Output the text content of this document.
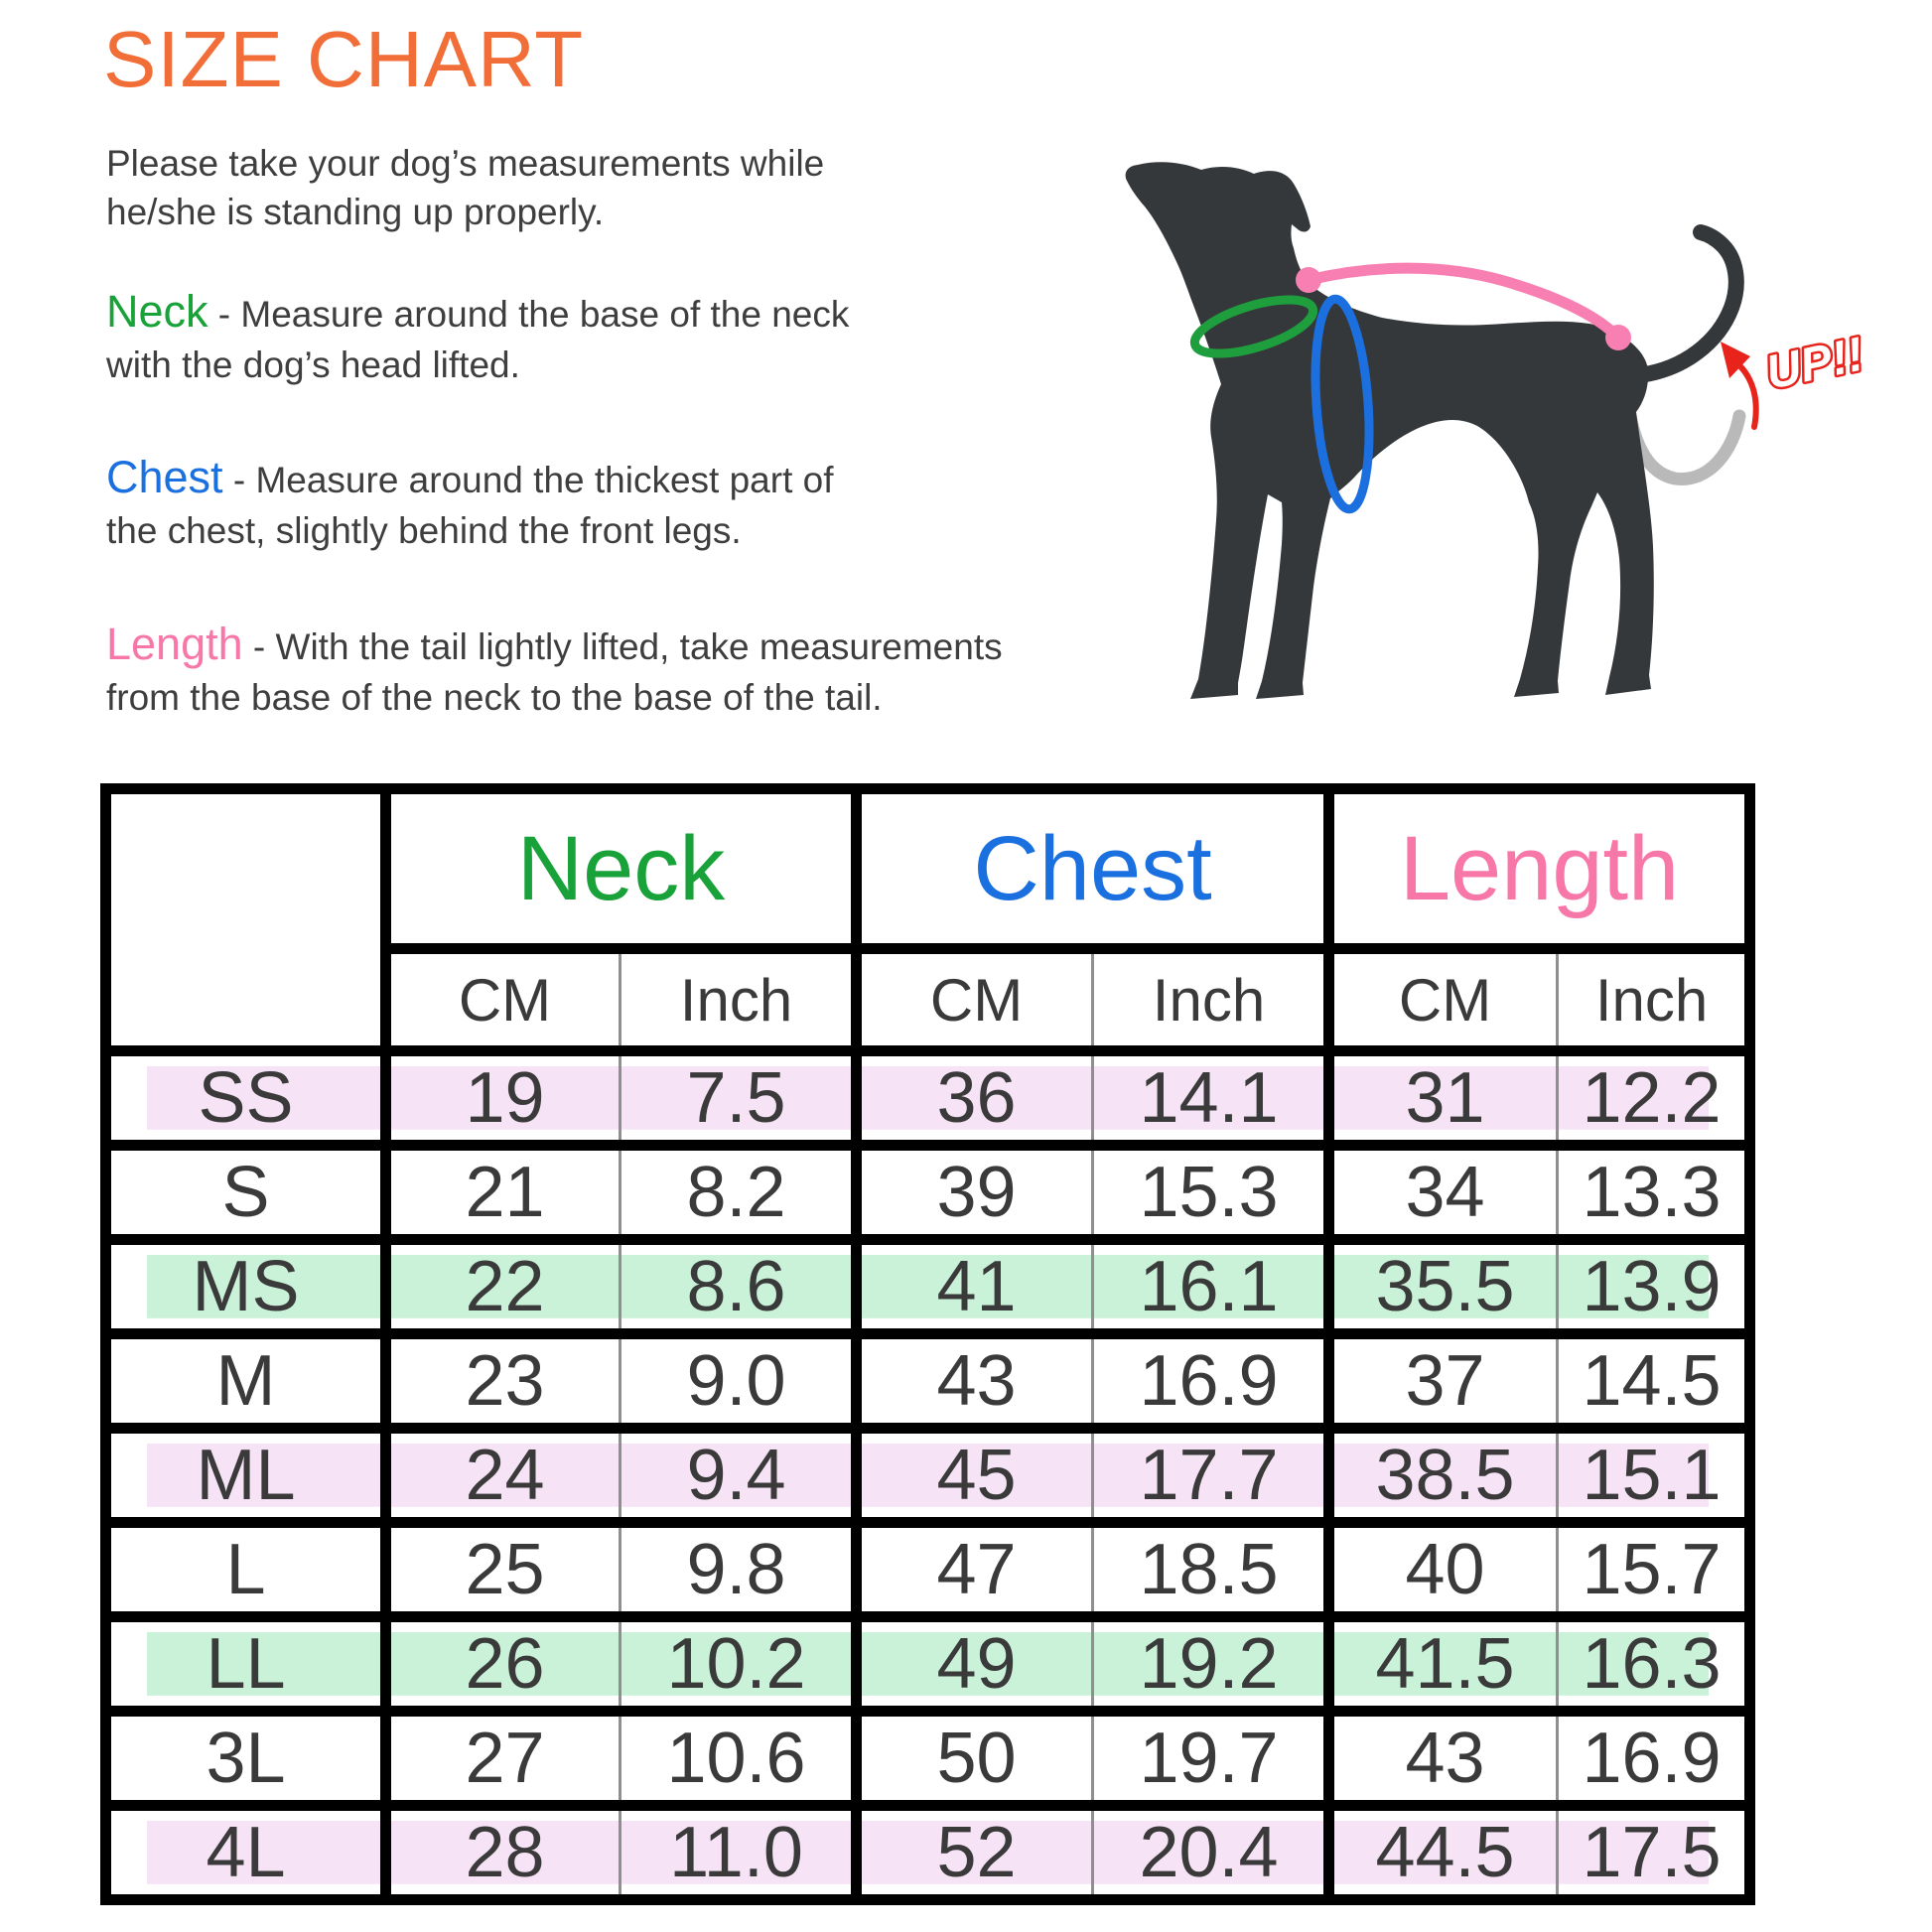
SIZE CHART

Please take your dog’s measurements while
he/she is standing up properly.

Neck - Measure around the base of the neck
with the dog’s head lifted.

Chest - Measure around the thickest part of
the chest, slightly behind the front legs.

Length - With the tail lightly lifted, take measurements
from the base of the neck to the base of the tail.

UP!!
	Neck		Chest		Length	
	CM	Inch	CM	Inch	CM	Inch
SS	19	7.5	36	14.1	31	12.2
S	21	8.2	39	15.3	34	13.3
MS	22	8.6	41	16.1	35.5	13.9
M	23	9.0	43	16.9	37	14.5
ML	24	9.4	45	17.7	38.5	15.1
L	25	9.8	47	18.5	40	15.7
LL	26	10.2	49	19.2	41.5	16.3
3L	27	10.6	50	19.7	43	16.9
4L	28	11.0	52	20.4	44.5	17.5
